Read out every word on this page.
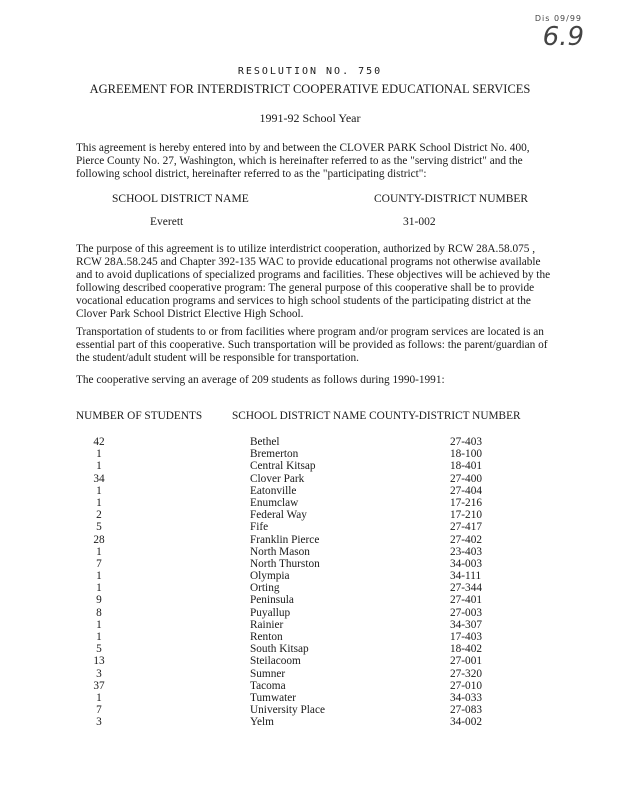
Dis 09/99
6.9
RESOLUTION NO. 750
AGREEMENT FOR INTERDISTRICT COOPERATIVE EDUCATIONAL SERVICES
1991-92 School Year

This agreement is hereby entered into by and between the CLOVER PARK School District No. 400, Pierce County No. 27, Washington, which is hereinafter referred to as the "serving district" and the following school district, hereinafter referred to as the "participating district":

SCHOOL DISTRICT NAME	COUNTY-DISTRICT NUMBER
Everett	31-002

The purpose of this agreement is to utilize interdistrict cooperation, authorized by RCW 28A.58.075 , RCW 28A.58.245 and Chapter 392-135 WAC to provide educational programs not otherwise available and to avoid duplications of specialized programs and facilities. These objectives will be achieved by the following described cooperative program: The general purpose of this cooperative shall be to provide vocational education programs and services to high school students of the participating district at the Clover Park School District Elective High School.

Transportation of students to or from facilities where program and/or program services are located is an essential part of this cooperative. Such transportation will be provided as follows: the parent/guardian of the student/adult student will be responsible for transportation.

The cooperative serving an average of 209 students as follows during 1990-1991:

NUMBER OF STUDENTS	SCHOOL DISTRICT NAME COUNTY-DISTRICT NUMBER
42	Bethel	27-403
1	Bremerton	18-100
1	Central Kitsap	18-401
34	Clover Park	27-400
1	Eatonville	27-404
1	Enumclaw	17-216
2	Federal Way	17-210
5	Fife	27-417
28	Franklin Pierce	27-402
1	North Mason	23-403
7	North Thurston	34-003
1	Olympia	34-111
1	Orting	27-344
9	Peninsula	27-401
8	Puyallup	27-003
1	Rainier	34-307
1	Renton	17-403
5	South Kitsap	18-402
13	Steilacoom	27-001
3	Sumner	27-320
37	Tacoma	27-010
1	Tumwater	34-033
7	University Place	27-083
3	Yelm	34-002
